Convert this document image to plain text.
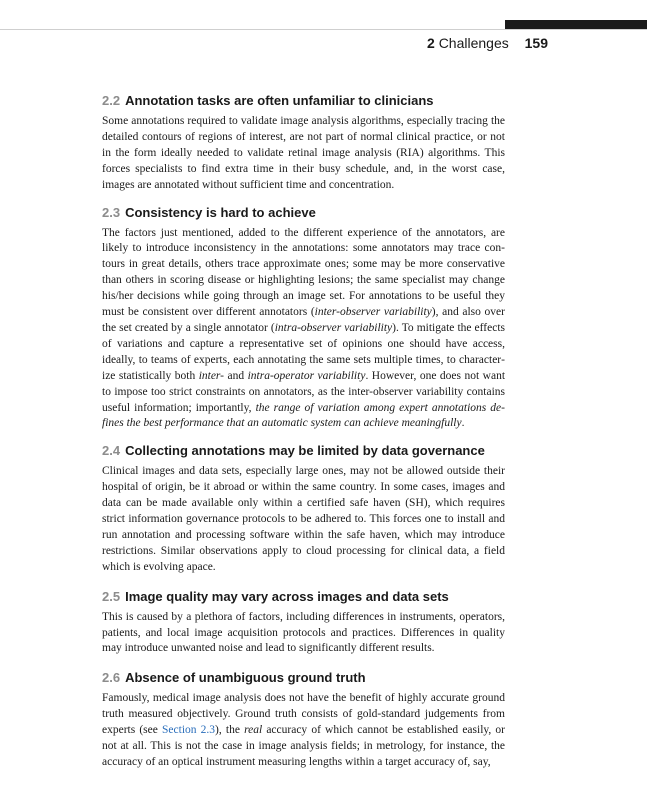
2 Challenges 159
2.2 Annotation tasks are often unfamiliar to clinicians

Some annotations required to validate image analysis algorithms, especially tracing the detailed contours of regions of interest, are not part of normal clinical practice, or not in the form ideally needed to validate retinal image analysis (RIA) algorithms. This forces specialists to find extra time in their busy schedule, and, in the worst case, images are annotated without sufficient time and concentration.

2.3 Consistency is hard to achieve

The factors just mentioned, added to the different experience of the annotators, are likely to introduce inconsistency in the annotations: some annotators may trace contours in great details, others trace approximate ones; some may be more conservative than others in scoring disease or highlighting lesions; the same specialist may change his/her decisions while going through an image set. For annotations to be useful they must be consistent over different annotators (inter-observer variability), and also over the set created by a single annotator (intra-observer variability). To mitigate the effects of variations and capture a representative set of opinions one should have access, ideally, to teams of experts, each annotating the same sets multiple times, to characterize statistically both inter- and intra-operator variability. However, one does not want to impose too strict constraints on annotators, as the inter-observer variability contains useful information; importantly, the range of variation among expert annotations defines the best performance that an automatic system can achieve meaningfully.

2.4 Collecting annotations may be limited by data governance

Clinical images and data sets, especially large ones, may not be allowed outside their hospital of origin, be it abroad or within the same country. In some cases, images and data can be made available only within a certified safe haven (SH), which requires strict information governance protocols to be adhered to. This forces one to install and run annotation and processing software within the safe haven, which may introduce restrictions. Similar observations apply to cloud processing for clinical data, a field which is evolving apace.

2.5 Image quality may vary across images and data sets

This is caused by a plethora of factors, including differences in instruments, operators, patients, and local image acquisition protocols and practices. Differences in quality may introduce unwanted noise and lead to significantly different results.

2.6 Absence of unambiguous ground truth

Famously, medical image analysis does not have the benefit of highly accurate ground truth measured objectively. Ground truth consists of gold-standard judgements from experts (see Section 2.3), the real accuracy of which cannot be established easily, or not at all. This is not the case in image analysis fields; in metrology, for instance, the accuracy of an optical instrument measuring lengths within a target accuracy of, say,
